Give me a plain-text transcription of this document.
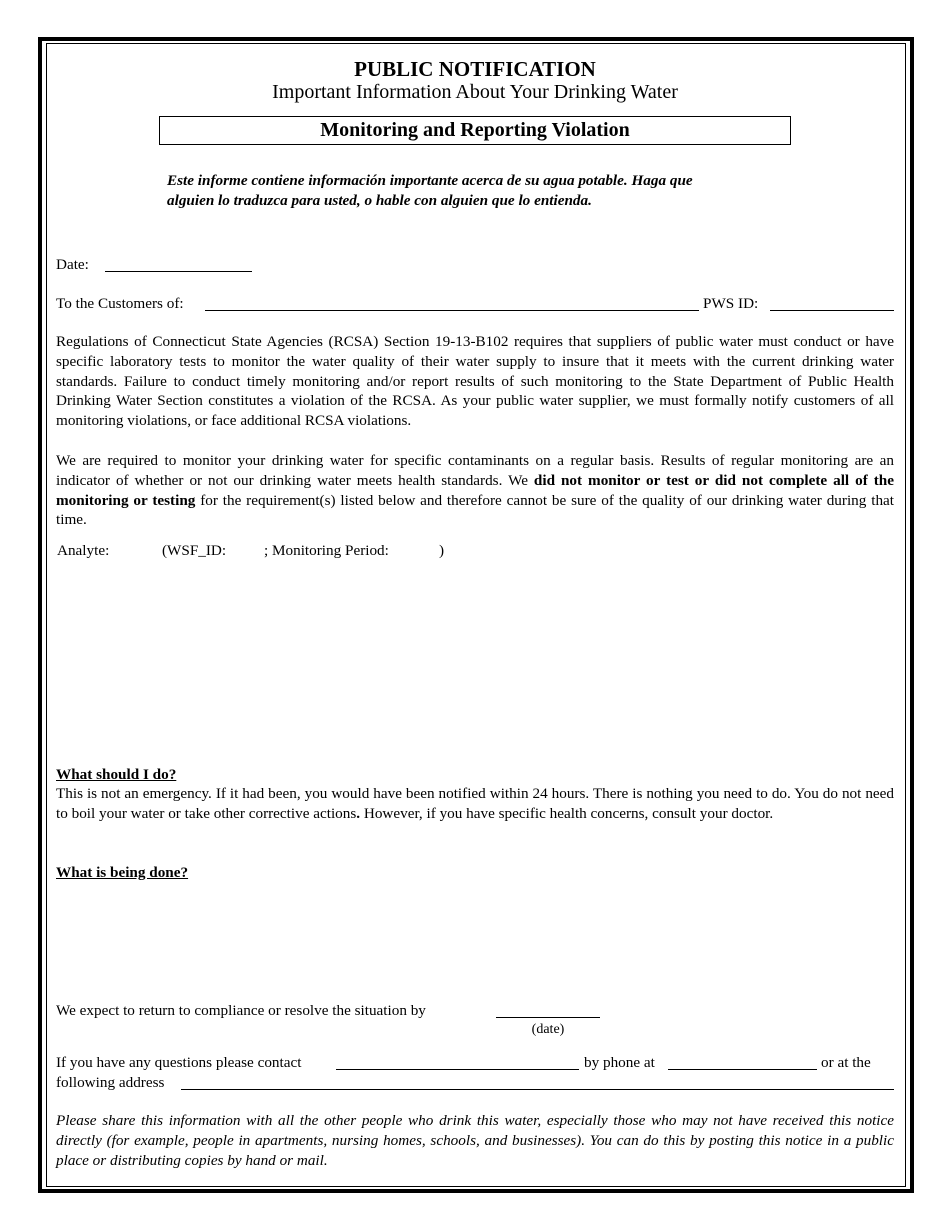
PUBLIC NOTIFICATION
Important Information About Your Drinking Water
Monitoring and Reporting Violation
Este informe contiene información importante acerca de su agua potable. Haga que
alguien lo traduzca para usted, o hable con alguien que lo entienda.
Date:
To the Customers of:	PWS ID:
Regulations of Connecticut State Agencies (RCSA) Section 19-13-B102 requires that suppliers of public water must conduct or have specific laboratory tests to monitor the water quality of their water supply to insure that it meets with the current drinking water standards. Failure to conduct timely monitoring and/or report results of such monitoring to the State Department of Public Health Drinking Water Section constitutes a violation of the RCSA. As your public water supplier, we must formally notify customers of all monitoring violations, or face additional RCSA violations.
We are required to monitor your drinking water for specific contaminants on a regular basis. Results of regular monitoring are an indicator of whether or not our drinking water meets health standards. We did not monitor or test or did not complete all of the monitoring or testing for the requirement(s) listed below and therefore cannot be sure of the quality of our drinking water during that time.
Analyte:	(WSF_ID: ; Monitoring Period:	)
What should I do?
This is not an emergency. If it had been, you would have been notified within 24 hours. There is nothing you need to do. You do not need to boil your water or take other corrective actions. However, if you have specific health concerns, consult your doctor.
What is being done?
We expect to return to compliance or resolve the situation by
(date)
If you have any questions please contact	by phone at	or at the
following address
Please share this information with all the other people who drink this water, especially those who may not have received this notice directly (for example, people in apartments, nursing homes, schools, and businesses). You can do this by posting this notice in a public place or distributing copies by hand or mail.
